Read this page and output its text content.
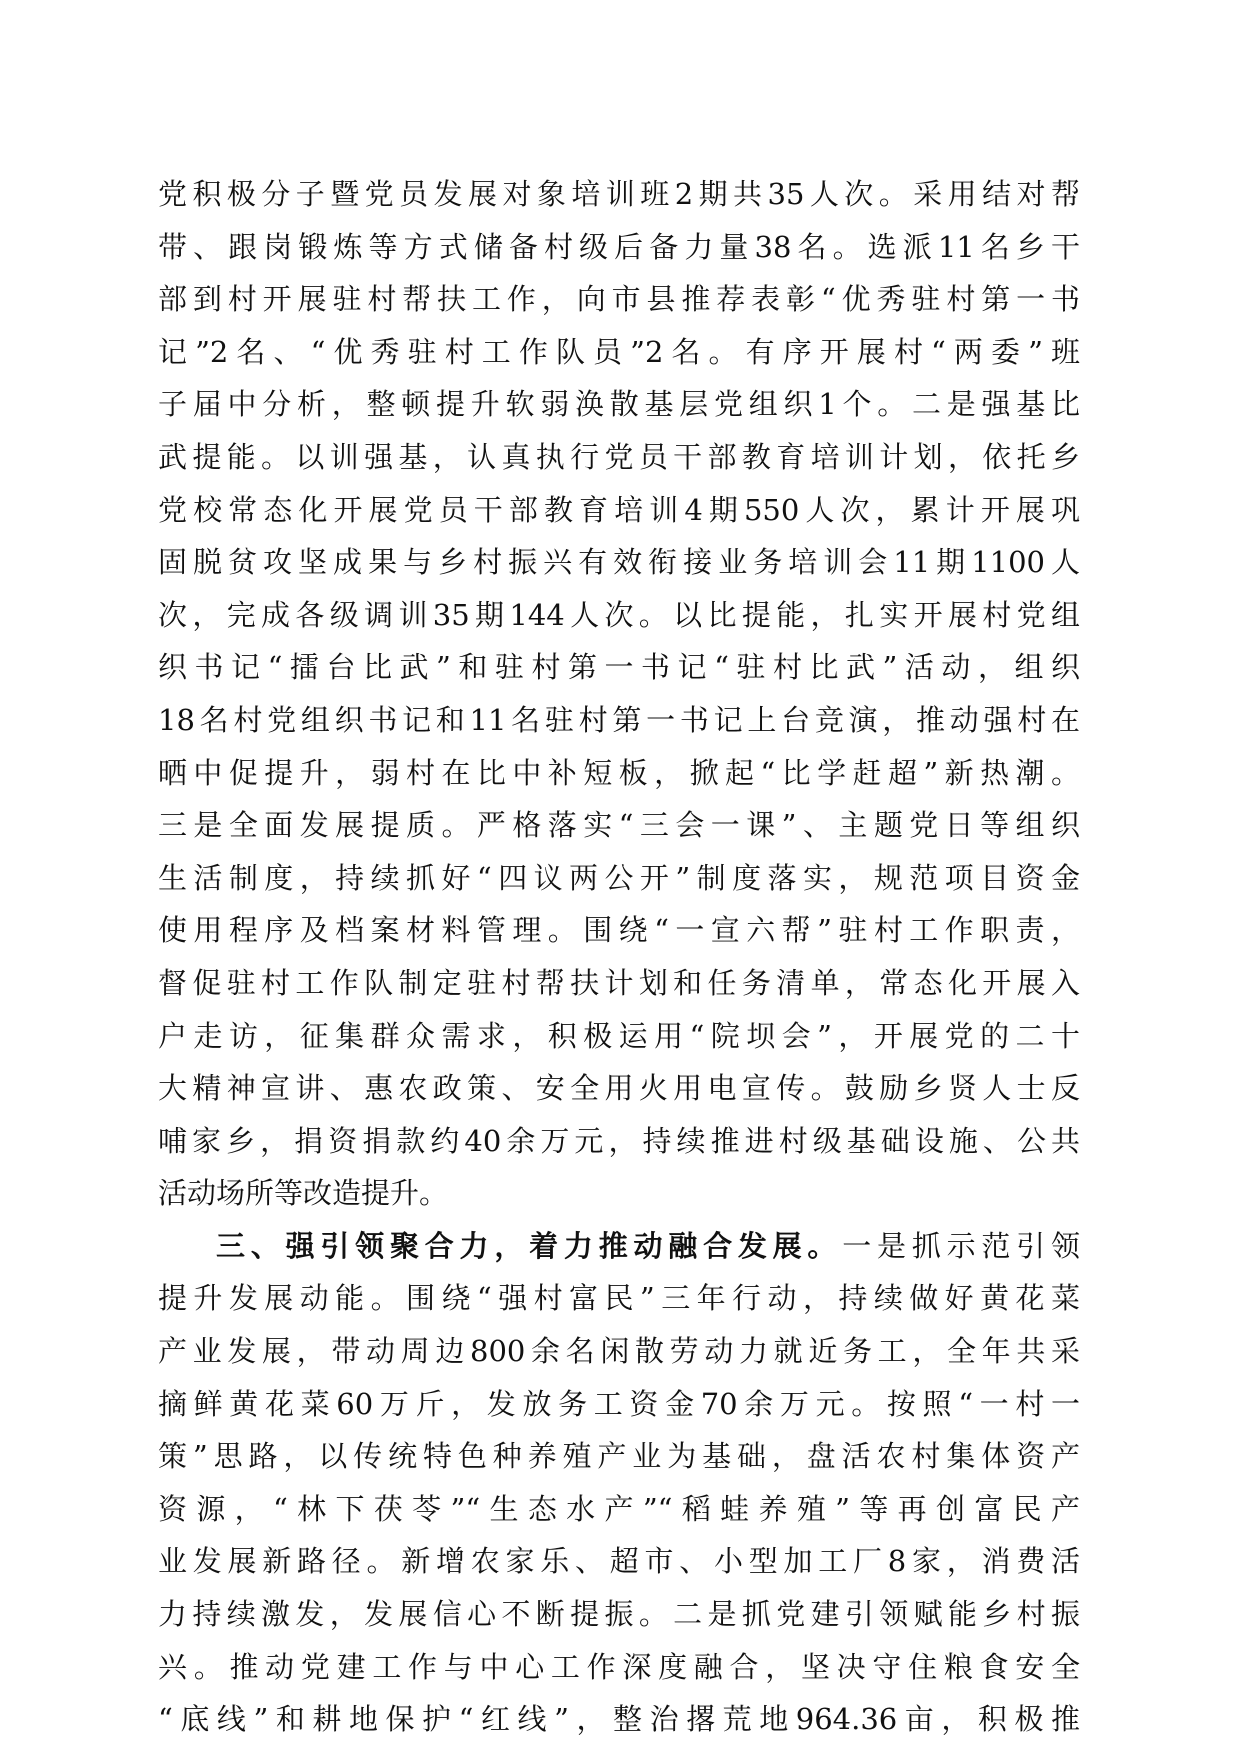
党积极分子暨党员发展对象培训班2期共35人次。采用结对帮
带、跟岗锻炼等方式储备村级后备力量38名。选派11名乡干
部到村开展驻村帮扶工作，向市县推荐表彰“优秀驻村第一书
记”2名、“优秀驻村工作队员”2名。有序开展村“两委”班
子届中分析，整顿提升软弱涣散基层党组织1个。二是强基比
武提能。以训强基，认真执行党员干部教育培训计划，依托乡
党校常态化开展党员干部教育培训4期550人次，累计开展巩
固脱贫攻坚成果与乡村振兴有效衔接业务培训会11期1100人
次，完成各级调训35期144人次。以比提能，扎实开展村党组
织书记“擂台比武”和驻村第一书记“驻村比武”活动，组织
18名村党组织书记和11名驻村第一书记上台竞演，推动强村在
晒中促提升，弱村在比中补短板，掀起“比学赶超”新热潮。
三是全面发展提质。严格落实“三会一课”、主题党日等组织
生活制度，持续抓好“四议两公开”制度落实，规范项目资金
使用程序及档案材料管理。围绕“一宣六帮”驻村工作职责，
督促驻村工作队制定驻村帮扶计划和任务清单，常态化开展入
户走访，征集群众需求，积极运用“院坝会”，开展党的二十
大精神宣讲、惠农政策、安全用火用电宣传。鼓励乡贤人士反
哺家乡，捐资捐款约40余万元，持续推进村级基础设施、公共
活动场所等改造提升。
三、强引领聚合力，着力推动融合发展。一是抓示范引领
提升发展动能。围绕“强村富民”三年行动，持续做好黄花菜
产业发展，带动周边800余名闲散劳动力就近务工，全年共采
摘鲜黄花菜60万斤，发放务工资金70余万元。按照“一村一
策”思路，以传统特色种养殖产业为基础，盘活农村集体资产
资源，“林下茯苓”“生态水产”“稻蛙养殖”等再创富民产
业发展新路径。新增农家乐、超市、小型加工厂8家，消费活
力持续激发，发展信心不断提振。二是抓党建引领赋能乡村振
兴。推动党建工作与中心工作深度融合，坚决守住粮食安全
“底线”和耕地保护“红线”，整治撂荒地964.36亩，积极推
